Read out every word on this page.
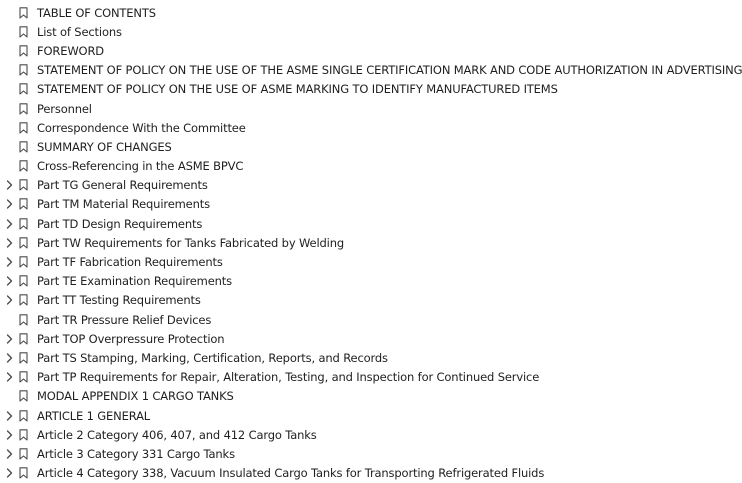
TABLE OF CONTENTS
List of Sections
FOREWORD
STATEMENT OF POLICY ON THE USE OF THE ASME SINGLE CERTIFICATION MARK AND CODE AUTHORIZATION IN ADVERTISING
STATEMENT OF POLICY ON THE USE OF ASME MARKING TO IDENTIFY MANUFACTURED ITEMS
Personnel
Correspondence With the Committee
SUMMARY OF CHANGES
Cross-Referencing in the ASME BPVC
Part TG General Requirements
Part TM Material Requirements
Part TD Design Requirements
Part TW Requirements for Tanks Fabricated by Welding
Part TF Fabrication Requirements
Part TE Examination Requirements
Part TT Testing Requirements
Part TR Pressure Relief Devices
Part TOP Overpressure Protection
Part TS Stamping, Marking, Certification, Reports, and Records
Part TP Requirements for Repair, Alteration, Testing, and Inspection for Continued Service
MODAL APPENDIX 1 CARGO TANKS
ARTICLE 1 GENERAL
Article 2 Category 406, 407, and 412 Cargo Tanks
Article 3 Category 331 Cargo Tanks
Article 4 Category 338, Vacuum Insulated Cargo Tanks for Transporting Refrigerated Fluids
